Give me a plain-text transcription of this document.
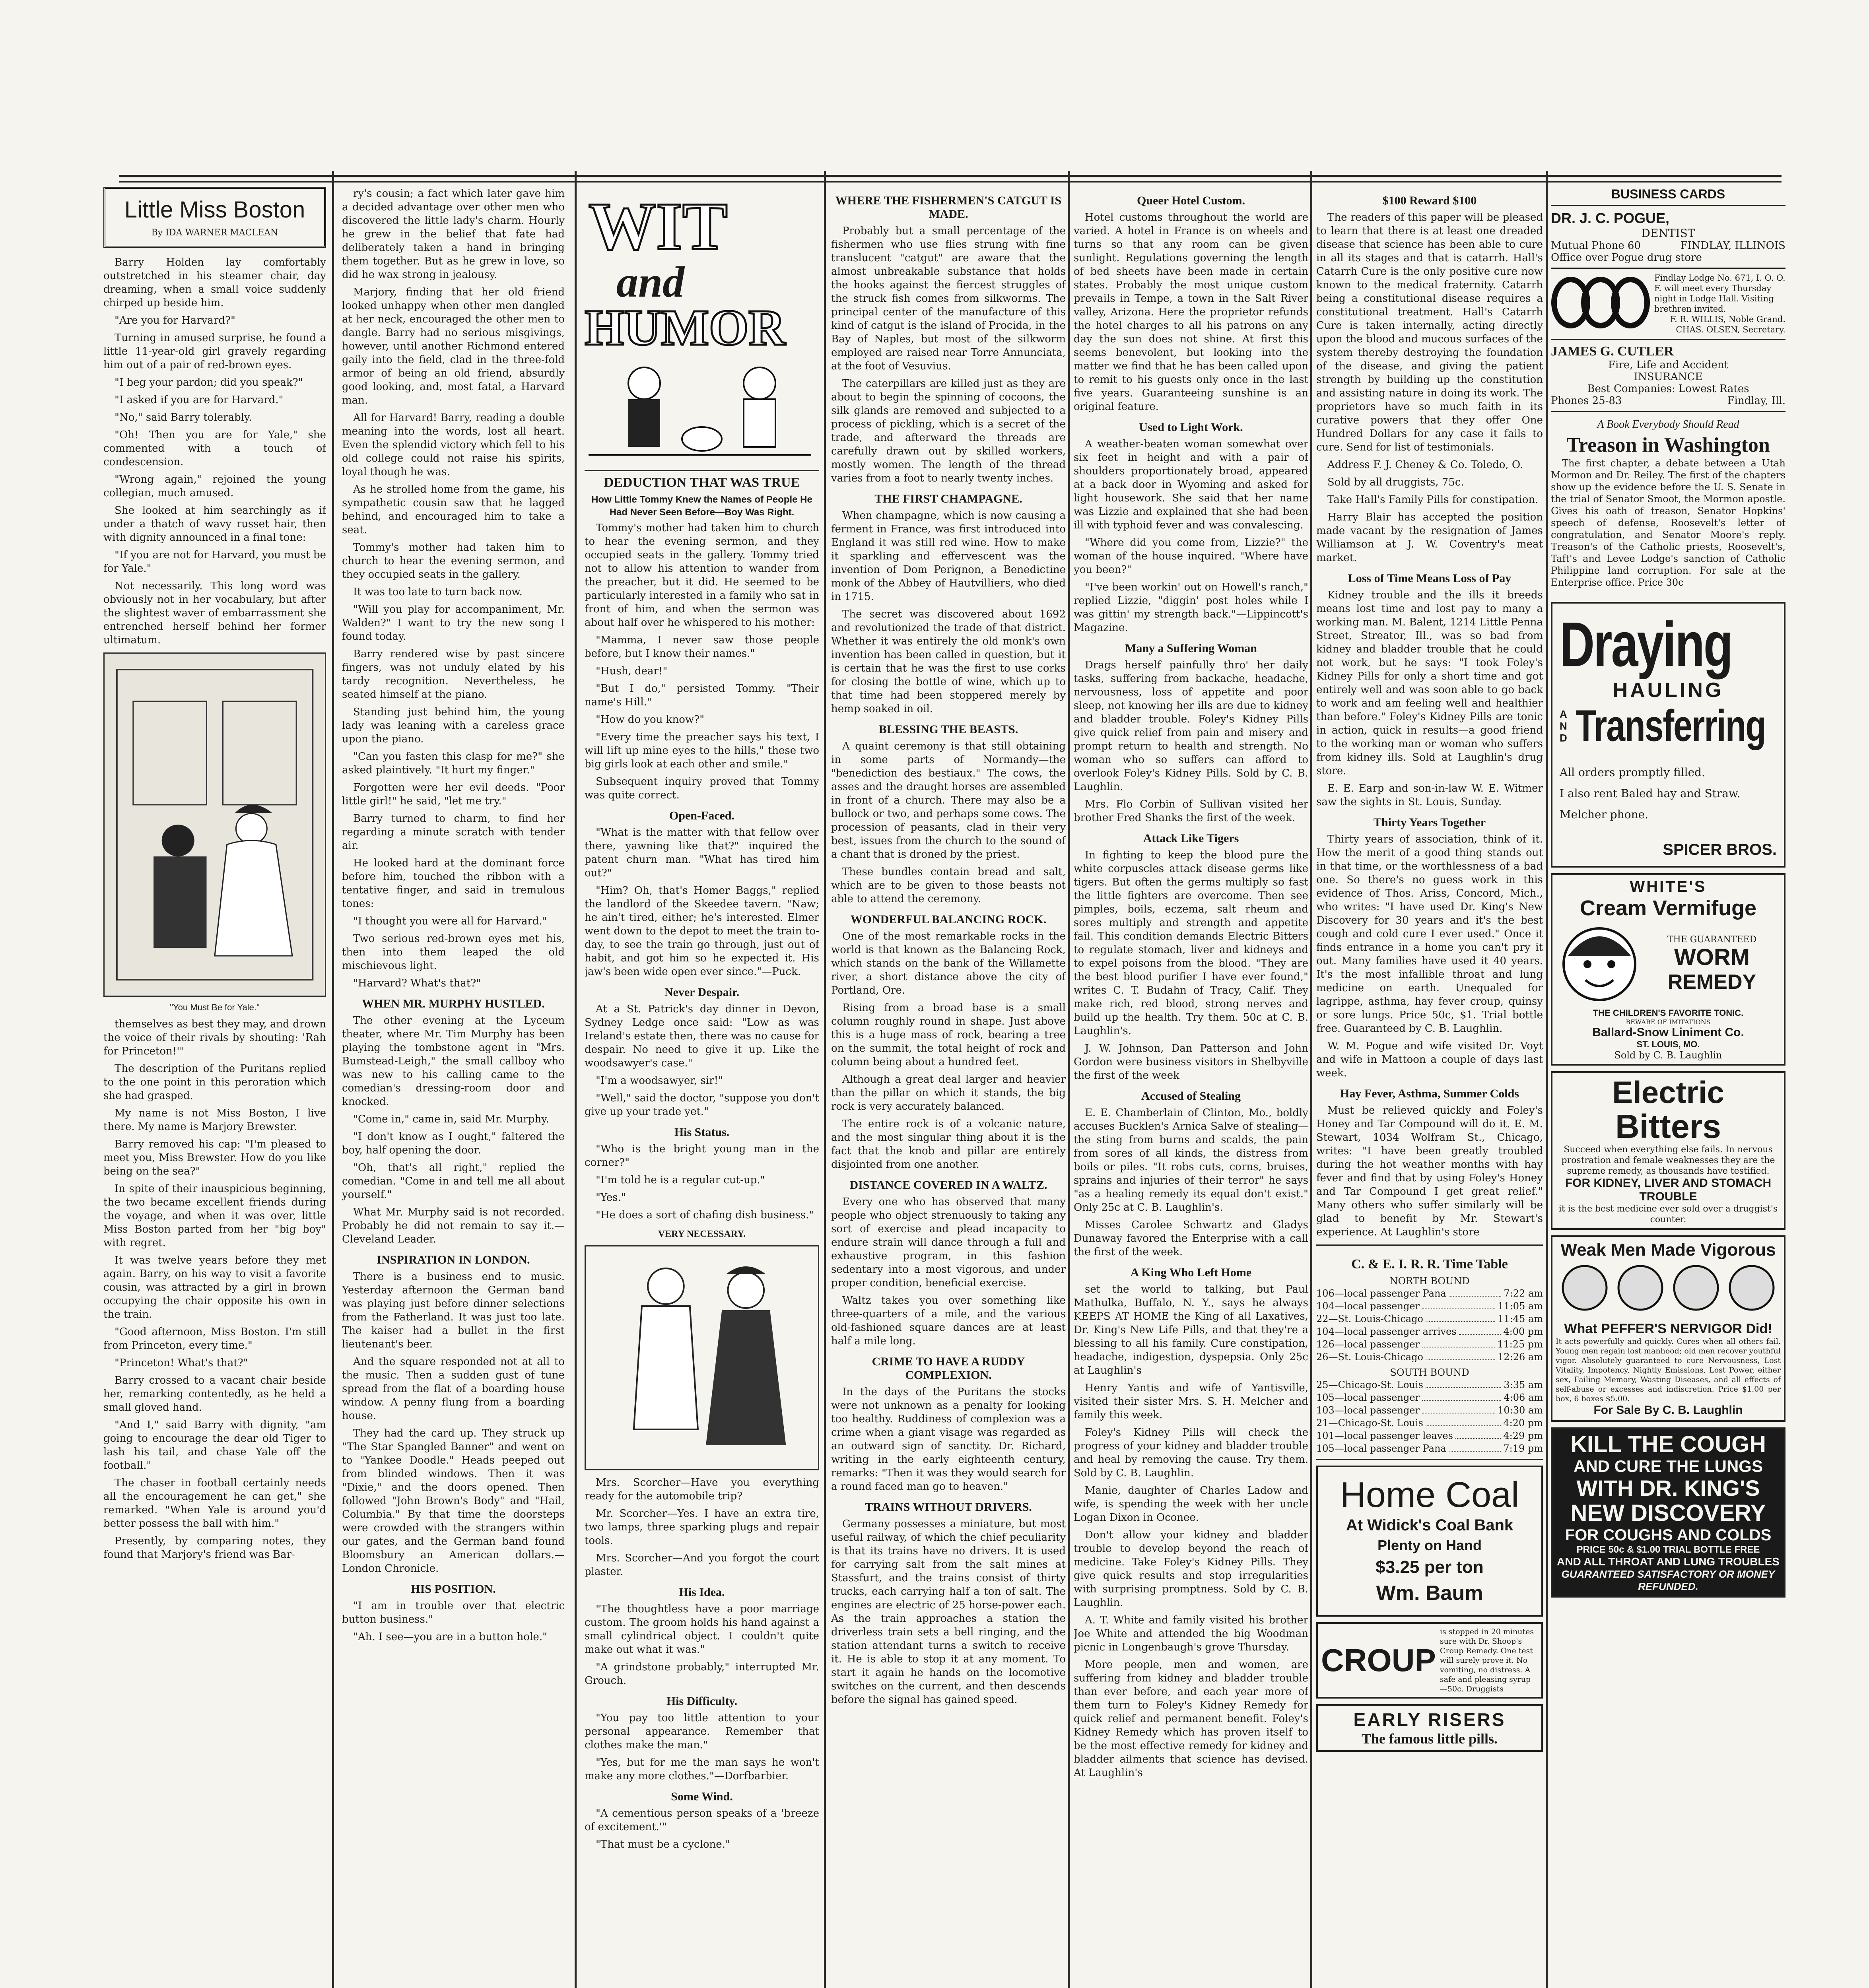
Little Miss Boston
By IDA WARNER MACLEAN

Barry Holden lay comfortably outstretched in his steamer chair, day dreaming, when a small voice suddenly chirped up beside him.

"Are you for Harvard?"

Turning in amused surprise, he found a little 11-year-old girl gravely regarding him out of a pair of red-brown eyes.

"I beg your pardon; did you speak?"

"I asked if you are for Harvard."

"No," said Barry tolerably.

"Oh! Then you are for Yale," she commented with a touch of condescension.

"Wrong again," rejoined the young collegian, much amused.

She looked at him searchingly as if under a thatch of wavy russet hair, then with dignity announced in a final tone:

"If you are not for Harvard, you must be for Yale."

Not necessarily. This long word was obviously not in her vocabulary, but after the slightest waver of embarrassment she entrenched herself behind her former ultimatum.

"You Must Be for Yale."

themselves as best they may, and drown the voice of their rivals by shouting: 'Rah for Princeton!'"

The description of the Puritans replied to the one point in this peroration which she had grasped.

My name is not Miss Boston, I live there. My name is Marjory Brewster.

Barry removed his cap: "I'm pleased to meet you, Miss Brewster. How do you like being on the sea?"

In spite of their inauspicious beginning, the two became excellent friends during the voyage, and when it was over, little Miss Boston parted from her "big boy" with regret.

It was twelve years before they met again. Barry, on his way to visit a favorite cousin, was attracted by a girl in brown occupying the chair opposite his own in the train.

"Good afternoon, Miss Boston. I'm still from Princeton, every time."

"Princeton! What's that?"

Barry crossed to a vacant chair beside her, remarking contentedly, as he held a small gloved hand.

"And I," said Barry with dignity, "am going to encourage the dear old Tiger to lash his tail, and chase Yale off the football."

The chaser in football certainly needs all the encouragement he can get," she remarked. "When Yale is around you'd better possess the ball with him."

Presently, by comparing notes, they found that Marjory's friend was Bar-

ry's cousin; a fact which later gave him a decided advantage over other men who discovered the little lady's charm. Hourly he grew in the belief that fate had deliberately taken a hand in bringing them together. But as he grew in love, so did he wax strong in jealousy.

Marjory, finding that her old friend looked unhappy when other men dangled at her neck, encouraged the other men to dangle. Barry had no serious misgivings, however, until another Richmond entered gaily into the field, clad in the three-fold armor of being an old friend, absurdly good looking, and, most fatal, a Harvard man.

All for Harvard! Barry, reading a double meaning into the words, lost all heart. Even the splendid victory which fell to his old college could not raise his spirits, loyal though he was.

As he strolled home from the game, his sympathetic cousin saw that he lagged behind, and encouraged him to take a seat.

Tommy's mother had taken him to church to hear the evening sermon, and they occupied seats in the gallery.

It was too late to turn back now.

"Will you play for accompaniment, Mr. Walden?" I want to try the new song I found today.

Barry rendered wise by past sincere fingers, was not unduly elated by his tardy recognition. Nevertheless, he seated himself at the piano.

Standing just behind him, the young lady was leaning with a careless grace upon the piano.

"Can you fasten this clasp for me?" she asked plaintively. "It hurt my finger."

Forgotten were her evil deeds. "Poor little girl!" he said, "let me try."

Barry turned to charm, to find her regarding a minute scratch with tender air.

He looked hard at the dominant force before him, touched the ribbon with a tentative finger, and said in tremulous tones:

"I thought you were all for Harvard."

Two serious red-brown eyes met his, then into them leaped the old mischievous light.

"Harvard? What's that?"

WHEN MR. MURPHY HUSTLED.

The other evening at the Lyceum theater, where Mr. Tim Murphy has been playing the tombstone agent in "Mrs. Bumstead-Leigh," the small callboy who was new to his calling came to the comedian's dressing-room door and knocked.

"Come in," came in, said Mr. Murphy.

"I don't know as I ought," faltered the boy, half opening the door.

"Oh, that's all right," replied the comedian. "Come in and tell me all about yourself."

What Mr. Murphy said is not recorded. Probably he did not remain to say it.—Cleveland Leader.

INSPIRATION IN LONDON.

There is a business end to music. Yesterday afternoon the German band was playing just before dinner selections from the Fatherland. It was just too late. The kaiser had a bullet in the first lieutenant's beer.

And the square responded not at all to the music. Then a sudden gust of tune spread from the flat of a boarding house window. A penny flung from a boarding house.

They had the card up. They struck up "The Star Spangled Banner" and went on to "Yankee Doodle." Heads peeped out from blinded windows. Then it was "Dixie," and the doors opened. Then followed "John Brown's Body" and "Hail, Columbia." By that time the doorsteps were crowded with the strangers within our gates, and the German band found Bloomsbury an American dollars.—London Chronicle.

HIS POSITION.

"I am in trouble over that electric button business."

"Ah. I see—you are in a button hole."

WIT
and
HUMOR
DEDUCTION THAT WAS TRUE
How Little Tommy Knew the Names of People He Had Never Seen Before—Boy Was Right.

Tommy's mother had taken him to church to hear the evening sermon, and they occupied seats in the gallery. Tommy tried not to allow his attention to wander from the preacher, but it did. He seemed to be particularly interested in a family who sat in front of him, and when the sermon was about half over he whispered to his mother:

"Mamma, I never saw those people before, but I know their names."

"Hush, dear!"

"But I do," persisted Tommy. "Their name's Hill."

"How do you know?"

"Every time the preacher says his text, I will lift up mine eyes to the hills," these two big girls look at each other and smile."

Subsequent inquiry proved that Tommy was quite correct.

Open-Faced.

"What is the matter with that fellow over there, yawning like that?" inquired the patent churn man. "What has tired him out?"

"Him? Oh, that's Homer Baggs," replied the landlord of the Skeedee tavern. "Naw; he ain't tired, either; he's interested. Elmer went down to the depot to meet the train to-day, to see the train go through, just out of habit, and got him so he expected it. His jaw's been wide open ever since."—Puck.

Never Despair.

At a St. Patrick's day dinner in Devon, Sydney Ledge once said: "Low as was Ireland's estate then, there was no cause for despair. No need to give it up. Like the woodsawyer's case."

"I'm a woodsawyer, sir!"

"Well," said the doctor, "suppose you don't give up your trade yet."

His Status.

"Who is the bright young man in the corner?"

"I'm told he is a regular cut-up."

"Yes."

"He does a sort of chafing dish business."

VERY NECESSARY.

Mrs. Scorcher—Have you everything ready for the automobile trip?

Mr. Scorcher—Yes. I have an extra tire, two lamps, three sparking plugs and repair tools.

Mrs. Scorcher—And you forgot the court plaster.

His Idea.

"The thoughtless have a poor marriage custom. The groom holds his hand against a small cylindrical object. I couldn't quite make out what it was."

"A grindstone probably," interrupted Mr. Grouch.

His Difficulty.

"You pay too little attention to your personal appearance. Remember that clothes make the man."

"Yes, but for me the man says he won't make any more clothes."—Dorfbarbier.

Some Wind.

"A cementious person speaks of a 'breeze of excitement.'"

"That must be a cyclone."

WHERE THE FISHERMEN'S CATGUT IS MADE.

Probably but a small percentage of the fishermen who use flies strung with fine translucent "catgut" are aware that the almost unbreakable substance that holds the hooks against the fiercest struggles of the struck fish comes from silkworms. The principal center of the manufacture of this kind of catgut is the island of Procida, in the Bay of Naples, but most of the silkworm employed are raised near Torre Annunciata, at the foot of Vesuvius.

The caterpillars are killed just as they are about to begin the spinning of cocoons, the silk glands are removed and subjected to a process of pickling, which is a secret of the trade, and afterward the threads are carefully drawn out by skilled workers, mostly women. The length of the thread varies from a foot to nearly twenty inches.

THE FIRST CHAMPAGNE.

When champagne, which is now causing a ferment in France, was first introduced into England it was still red wine. How to make it sparkling and effervescent was the invention of Dom Perignon, a Benedictine monk of the Abbey of Hautvilliers, who died in 1715.

The secret was discovered about 1692 and revolutionized the trade of that district. Whether it was entirely the old monk's own invention has been called in question, but it is certain that he was the first to use corks for closing the bottle of wine, which up to that time had been stoppered merely by hemp soaked in oil.

BLESSING THE BEASTS.

A quaint ceremony is that still obtaining in some parts of Normandy—the "benediction des bestiaux." The cows, the asses and the draught horses are assembled in front of a church. There may also be a bullock or two, and perhaps some cows. The procession of peasants, clad in their very best, issues from the church to the sound of a chant that is droned by the priest.

These bundles contain bread and salt, which are to be given to those beasts not able to attend the ceremony.

WONDERFUL BALANCING ROCK.

One of the most remarkable rocks in the world is that known as the Balancing Rock, which stands on the bank of the Willamette river, a short distance above the city of Portland, Ore.

Rising from a broad base is a small column roughly round in shape. Just above this is a huge mass of rock, bearing a tree on the summit, the total height of rock and column being about a hundred feet.

Although a great deal larger and heavier than the pillar on which it stands, the big rock is very accurately balanced.

The entire rock is of a volcanic nature, and the most singular thing about it is the fact that the knob and pillar are entirely disjointed from one another.

DISTANCE COVERED IN A WALTZ.

Every one who has observed that many people who object strenuously to taking any sort of exercise and plead incapacity to endure strain will dance through a full and exhaustive program, in this fashion sedentary into a most vigorous, and under proper condition, beneficial exercise.

Waltz takes you over something like three-quarters of a mile, and the various old-fashioned square dances are at least half a mile long.

CRIME TO HAVE A RUDDY COMPLEXION.

In the days of the Puritans the stocks were not unknown as a penalty for looking too healthy. Ruddiness of complexion was a crime when a giant visage was regarded as an outward sign of sanctity. Dr. Richard, writing in the early eighteenth century, remarks: "Then it was they would search for a round faced man go to heaven."

TRAINS WITHOUT DRIVERS.

Germany possesses a miniature, but most useful railway, of which the chief peculiarity is that its trains have no drivers. It is used for carrying salt from the salt mines at Stassfurt, and the trains consist of thirty trucks, each carrying half a ton of salt. The engines are electric of 25 horse-power each. As the train approaches a station the driverless train sets a bell ringing, and the station attendant turns a switch to receive it. He is able to stop it at any moment. To start it again he hands on the locomotive switches on the current, and then descends before the signal has gained speed.

Queer Hotel Custom.

Hotel customs throughout the world are varied. A hotel in France is on wheels and turns so that any room can be given sunlight. Regulations governing the length of bed sheets have been made in certain states. Probably the most unique custom prevails in Tempe, a town in the Salt River valley, Arizona. Here the proprietor refunds the hotel charges to all his patrons on any day the sun does not shine. At first this seems benevolent, but looking into the matter we find that he has been called upon to remit to his guests only once in the last five years. Guaranteeing sunshine is an original feature.

Used to Light Work.

A weather-beaten woman somewhat over six feet in height and with a pair of shoulders proportionately broad, appeared at a back door in Wyoming and asked for light housework. She said that her name was Lizzie and explained that she had been ill with typhoid fever and was convalescing.

"Where did you come from, Lizzie?" the woman of the house inquired. "Where have you been?"

"I've been workin' out on Howell's ranch," replied Lizzie, "diggin' post holes while I was gittin' my strength back."—Lippincott's Magazine.

Many a Suffering Woman

Drags herself painfully thro' her daily tasks, suffering from backache, headache, nervousness, loss of appetite and poor sleep, not knowing her ills are due to kidney and bladder trouble. Foley's Kidney Pills give quick relief from pain and misery and prompt return to health and strength. No woman who so suffers can afford to overlook Foley's Kidney Pills. Sold by C. B. Laughlin.

Mrs. Flo Corbin of Sullivan visited her brother Fred Shanks the first of the week.

Attack Like Tigers

In fighting to keep the blood pure the white corpuscles attack disease germs like tigers. But often the germs multiply so fast the little fighters are overcome. Then see pimples, boils, eczema, salt rheum and sores multiply and strength and appetite fail. This condition demands Electric Bitters to regulate stomach, liver and kidneys and to expel poisons from the blood. "They are the best blood purifier I have ever found," writes C. T. Budahn of Tracy, Calif. They make rich, red blood, strong nerves and build up the health. Try them. 50c at C. B. Laughlin's.

J. W. Johnson, Dan Patterson and John Gordon were business visitors in Shelbyville the first of the week

Accused of Stealing

E. E. Chamberlain of Clinton, Mo., boldly accuses Bucklen's Arnica Salve of stealing—the sting from burns and scalds, the pain from sores of all kinds, the distress from boils or piles. "It robs cuts, corns, bruises, sprains and injuries of their terror" he says "as a healing remedy its equal don't exist." Only 25c at C. B. Laughlin's.

Misses Carolee Schwartz and Gladys Dunaway favored the Enterprise with a call the first of the week.

A King Who Left Home

set the world to talking, but Paul Mathulka, Buffalo, N. Y., says he always KEEPS AT HOME the King of all Laxatives, Dr. King's New Life Pills, and that they're a blessing to all his family. Cure constipation, headache, indigestion, dyspepsia. Only 25c at Laughlin's

Henry Yantis and wife of Yantisville, visited their sister Mrs. S. H. Melcher and family this week.

Foley's Kidney Pills will check the progress of your kidney and bladder trouble and heal by removing the cause. Try them. Sold by C. B. Laughlin.

Manie, daughter of Charles Ladow and wife, is spending the week with her uncle Logan Dixon in Oconee.

Don't allow your kidney and bladder trouble to develop beyond the reach of medicine. Take Foley's Kidney Pills. They give quick results and stop irregularities with surprising promptness. Sold by C. B. Laughlin.

A. T. White and family visited his brother Joe White and attended the big Woodman picnic in Longenbaugh's grove Thursday.

More people, men and women, are suffering from kidney and bladder trouble than ever before, and each year more of them turn to Foley's Kidney Remedy for quick relief and permanent benefit. Foley's Kidney Remedy which has proven itself to be the most effective remedy for kidney and bladder ailments that science has devised. At Laughlin's

$100 Reward $100

The readers of this paper will be pleased to learn that there is at least one dreaded disease that science has been able to cure in all its stages and that is catarrh. Hall's Catarrh Cure is the only positive cure now known to the medical fraternity. Catarrh being a constitutional disease requires a constitutional treatment. Hall's Catarrh Cure is taken internally, acting directly upon the blood and mucous surfaces of the system thereby destroying the foundation of the disease, and giving the patient strength by building up the constitution and assisting nature in doing its work. The proprietors have so much faith in its curative powers that they offer One Hundred Dollars for any case it fails to cure. Send for list of testimonials.

Address F. J. Cheney & Co. Toledo, O.

Sold by all druggists, 75c.

Take Hall's Family Pills for constipation.

Harry Blair has accepted the position made vacant by the resignation of James Williamson at J. W. Coventry's meat market.

Loss of Time Means Loss of Pay

Kidney trouble and the ills it breeds means lost time and lost pay to many a working man. M. Balent, 1214 Little Penna Street, Streator, Ill., was so bad from kidney and bladder trouble that he could not work, but he says: "I took Foley's Kidney Pills for only a short time and got entirely well and was soon able to go back to work and am feeling well and healthier than before." Foley's Kidney Pills are tonic in action, quick in results—a good friend to the working man or woman who suffers from kidney ills. Sold at Laughlin's drug store.

E. E. Earp and son-in-law W. E. Witmer saw the sights in St. Louis, Sunday.

Thirty Years Together

Thirty years of association, think of it. How the merit of a good thing stands out in that time, or the worthlessness of a bad one. So there's no guess work in this evidence of Thos. Ariss, Concord, Mich., who writes: "I have used Dr. King's New Discovery for 30 years and it's the best cough and cold cure I ever used." Once it finds entrance in a home you can't pry it out. Many families have used it 40 years. It's the most infallible throat and lung medicine on earth. Unequaled for lagrippe, asthma, hay fever croup, quinsy or sore lungs. Price 50c, $1. Trial bottle free. Guaranteed by C. B. Laughlin.

W. M. Pogue and wife visited Dr. Voyt and wife in Mattoon a couple of days last week.

Hay Fever, Asthma, Summer Colds

Must be relieved quickly and Foley's Honey and Tar Compound will do it. E. M. Stewart, 1034 Wolfram St., Chicago, writes: "I have been greatly troubled during the hot weather months with hay fever and find that by using Foley's Honey and Tar Compound I get great relief." Many others who suffer similarly will be glad to benefit by Mr. Stewart's experience. At Laughlin's store

C. & E. I. R. R. Time Table
NORTH BOUND
106—local passenger Pana	7:22 am
104—local passenger	11:05 am
22—St. Louis-Chicago	11:45 am
104—local passenger arrives	4:00 pm
126—local passenger	11:25 pm
26—St. Louis-Chicago	12:26 am
SOUTH BOUND
25—Chicago-St. Louis	3:35 am
105—local passenger	4:06 am
103—local passenger	10:30 am
21—Chicago-St. Louis	4:20 pm
101—local passenger leaves	4:29 pm
105—local passenger Pana	7:19 pm
Home Coal
At Widick's Coal Bank
Plenty on Hand
$3.25 per ton
Wm. Baum
CROUP
is stopped in 20 minutes sure with Dr. Shoop's Croup Remedy. One test will surely prove it. No vomiting, no distress. A safe and pleasing syrup—50c. Druggists
EARLY RISERS
The famous little pills.
BUSINESS CARDS
DR. J. C. POGUE,
DENTIST
Mutual Phone 60	FINDLAY, ILLINOIS
Office over Pogue drug store
Findlay Lodge No. 671, I. O. O. F. will meet every Thursday night in Lodge Hall. Visiting brethren invited.
F. R. WILLIS, Noble Grand.
CHAS. OLSEN, Secretary.
JAMES G. CUTLER
Fire, Life and Accident
INSURANCE
Best Companies: Lowest Rates
Phones 25-83	Findlay, Ill.
A Book Everybody Should Read
Treason in Washington

The first chapter, a debate between a Utah Mormon and Dr. Reiley. The first of the chapters show up the evidence before the U. S. Senate in the trial of Senator Smoot, the Mormon apostle. Gives his oath of treason, Senator Hopkins' speech of defense, Roosevelt's letter of congratulation, and Senator Moore's reply. Treason's of the Catholic priests, Roosevelt's, Taft's and Levee Lodge's sanction of Catholic Philippine land corruption. For sale at the Enterprise office. Price 30c

Draying
HAULING
AND Transferring
All orders promptly filled.
I also rent Baled hay and Straw.
Melcher phone.
SPICER BROS.
WHITE'S
Cream Vermifuge
THE GUARANTEED
WORM
REMEDY
THE CHILDREN'S FAVORITE TONIC.
BEWARE OF IMITATIONS
Ballard-Snow Liniment Co.
ST. LOUIS, MO.
Sold by C. B. Laughlin
Electric
Bitters
Succeed when everything else fails. In nervous prostration and female weaknesses they are the supreme remedy, as thousands have testified.
FOR KIDNEY, LIVER AND STOMACH TROUBLE
it is the best medicine ever sold over a druggist's counter.
Weak Men Made Vigorous
What PEFFER'S NERVIGOR Did!
It acts powerfully and quickly. Cures when all others fail. Young men regain lost manhood; old men recover youthful vigor. Absolutely guaranteed to cure Nervousness, Lost Vitality, Impotency, Nightly Emissions, Lost Power, either sex, Failing Memory, Wasting Diseases, and all effects of self-abuse or excesses and indiscretion. Price $1.00 per box, 6 boxes $5.00.
For Sale By C. B. Laughlin
KILL THE COUGH
AND CURE THE LUNGS
WITH DR. KING'S
NEW DISCOVERY
FOR COUGHS AND COLDS
PRICE 50c & $1.00 TRIAL BOTTLE FREE
AND ALL THROAT AND LUNG TROUBLES
GUARANTEED SATISFACTORY OR MONEY REFUNDED.
